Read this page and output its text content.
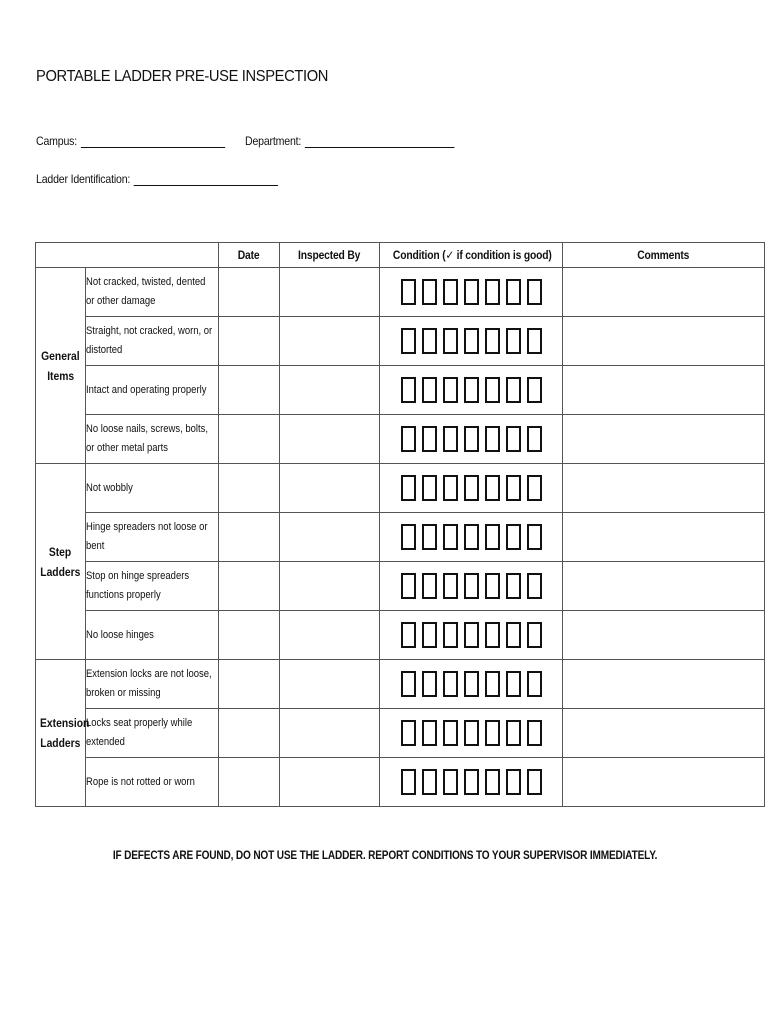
PORTABLE LADDER PRE-USE INSPECTION
Campus:	Department:
Ladder Identification:
		Date	Inspected By	Condition (✓ if condition is good)	Comments
General
Items	Not cracked, twisted, dented or other damage				

	Straight, not cracked, worn, or distorted				

	Intact and operating properly				

	No loose nails, screws, bolts, or other metal parts				

Step
Ladders	Not wobbly				

	Hinge spreaders not loose or bent				

	Stop on hinge spreaders functions properly				

	No loose hinges				

Extension
Ladders	Extension locks are not loose, broken or missing				

	Locks seat properly while extended				

	Rope is not rotted or worn				

IF DEFECTS ARE FOUND, DO NOT USE THE LADDER. REPORT CONDITIONS TO YOUR SUPERVISOR IMMEDIATELY.
